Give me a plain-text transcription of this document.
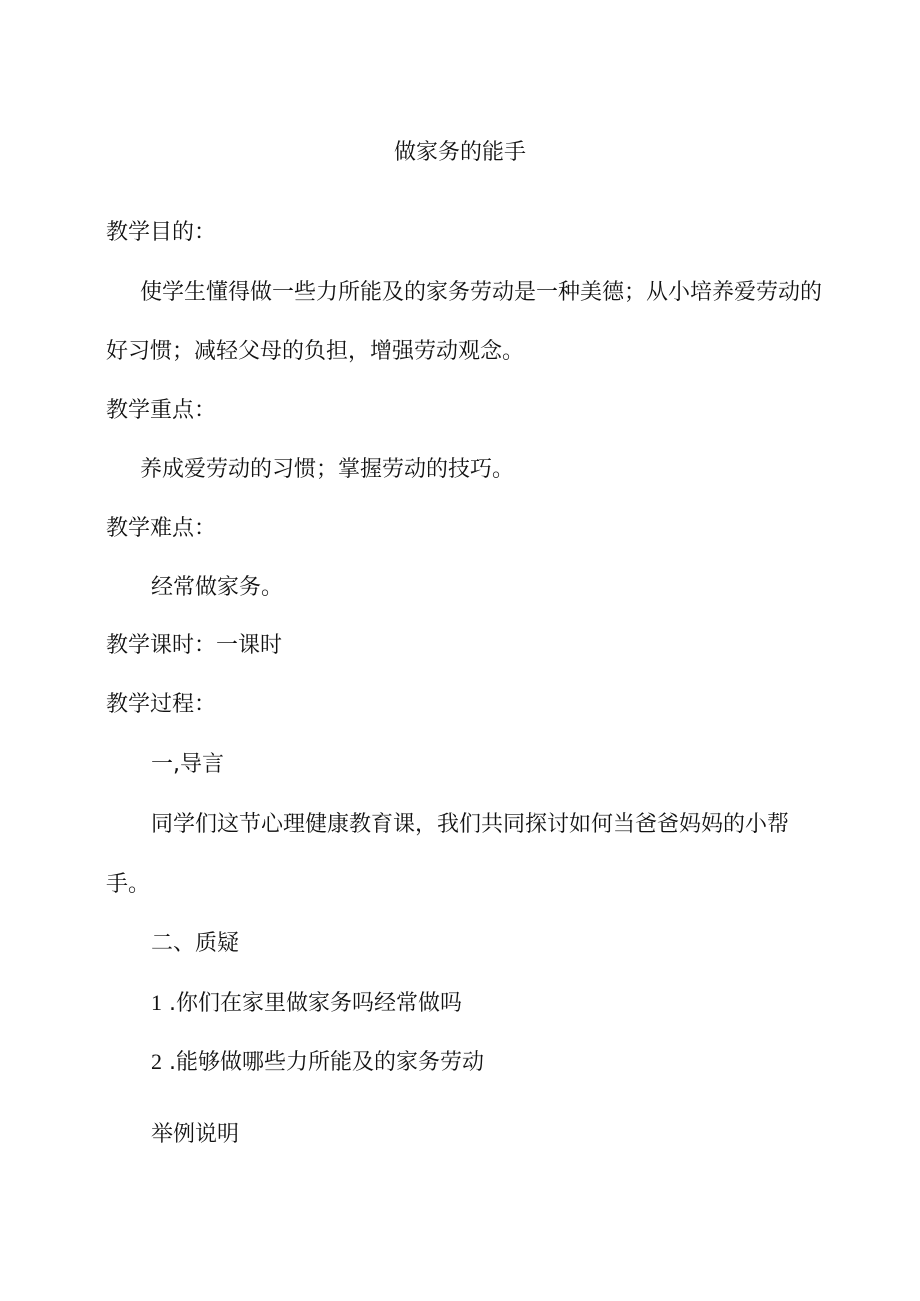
做家务的能手
教学目的：
使学生懂得做一些力所能及的家务劳动是一种美德；从小培养爱劳动的
好习惯；减轻父母的负担，增强劳动观念。
教学重点：
养成爱劳动的习惯；掌握劳动的技巧。
教学难点：
经常做家务。
教学课时：一课时
教学过程：
一,导言
同学们这节心理健康教育课，我们共同探讨如何当爸爸妈妈的小帮
手。
二、质疑
1 .你们在家里做家务吗经常做吗
2 .能够做哪些力所能及的家务劳动
举例说明
